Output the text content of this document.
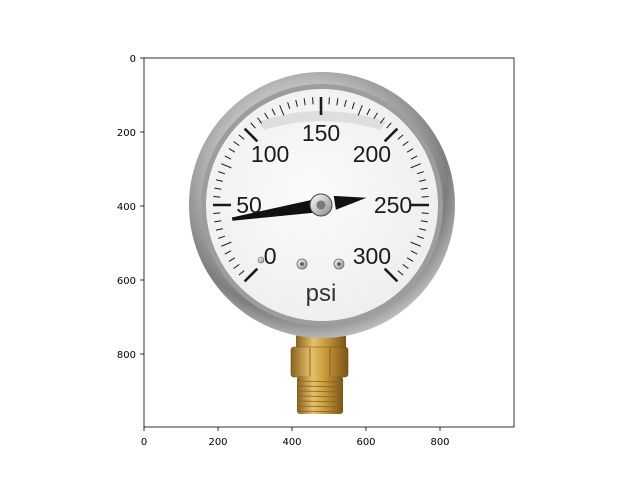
0
50
100
150
200
250
300
psi
0
200
400
600
800
0	200	400	600	800
